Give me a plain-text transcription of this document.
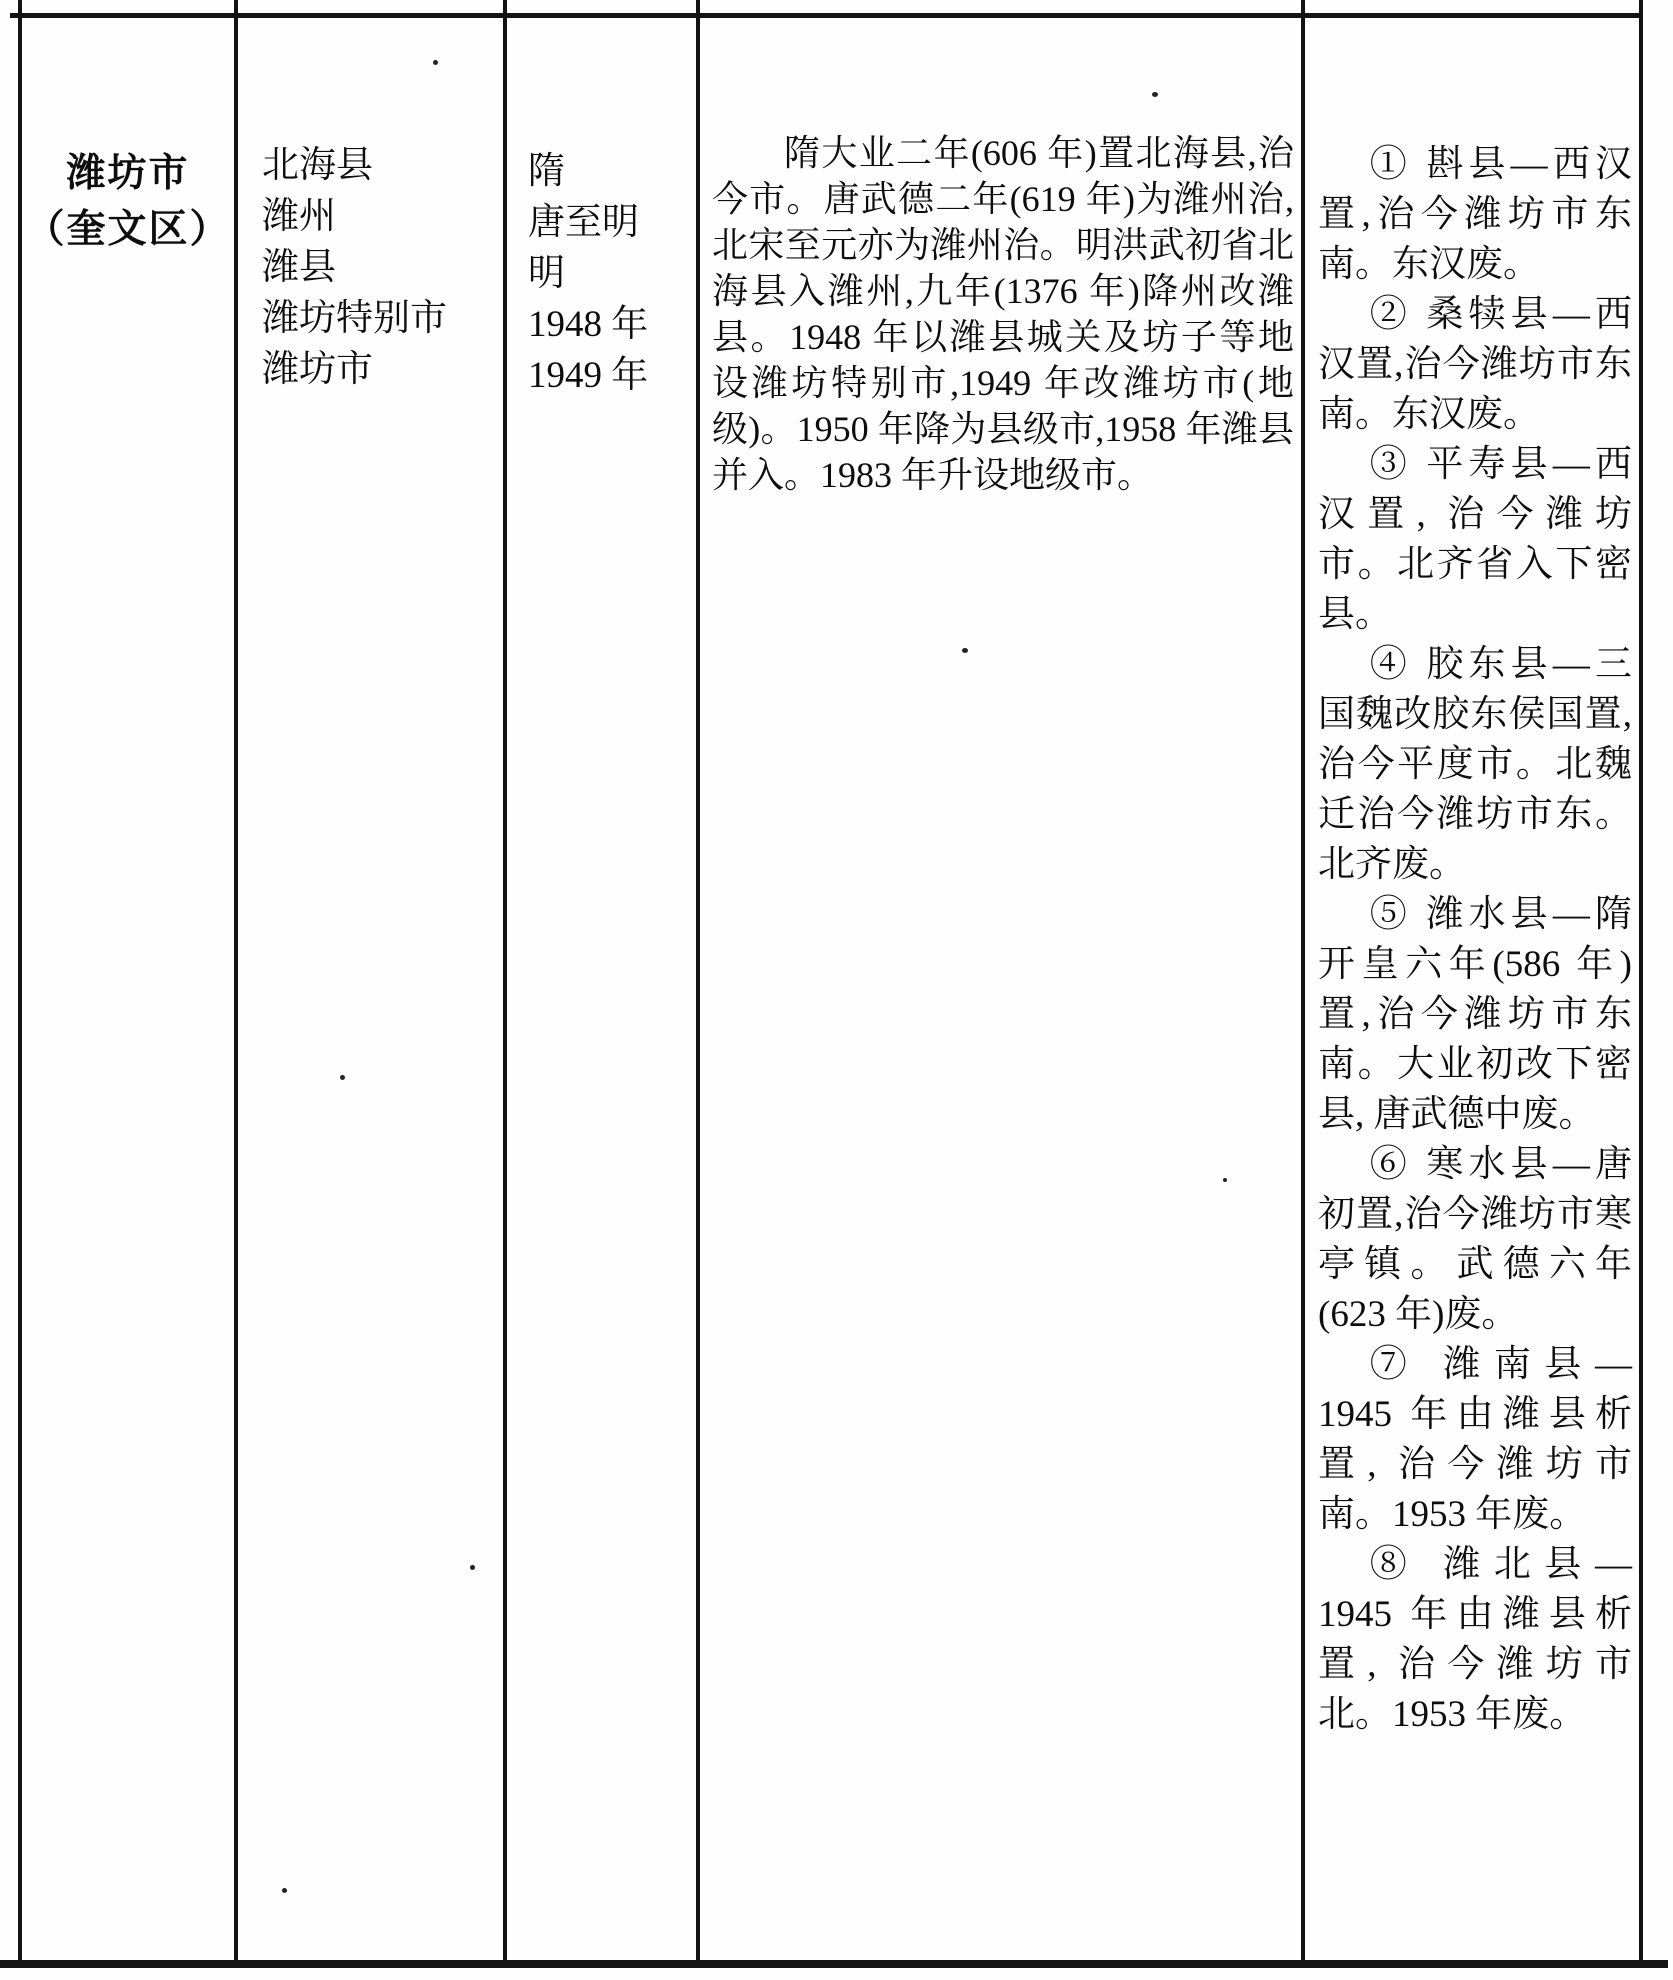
潍坊市
（奎文区）
北海县
潍州
潍县
潍坊特别市
潍坊市
隋
唐至明
明
1948 年
1949 年

隋大业二年(606 年)置北海县,治今市。唐武德二年(619 年)为潍州治,北宋至元亦为潍州治。明洪武初省北海县入潍州,九年(1376 年)降州改潍县。1948 年以潍县城关及坊子等地设潍坊特别市,1949 年改潍坊市(地级)。1950 年降为县级市,1958 年潍县并入。1983 年升设地级市。

① 斟县—西汉置,治今潍坊市东南。东汉废。

② 桑犊县—西汉置,治今潍坊市东南。东汉废。

③ 平寿县—西汉置, 治今潍坊市。北齐省入下密县。

④ 胶东县—三国魏改胶东侯国置,治今平度市。北魏迁治今潍坊市东。北齐废。

⑤ 潍水县—隋开皇六年(586 年)置,治今潍坊市东南。大业初改下密县, 唐武德中废。

⑥ 寒水县—唐初置,治今潍坊市寒亭镇。武德六年(623 年)废。

⑦ 潍南县— 1945 年由潍县析置, 治今潍坊市南。1953 年废。

⑧ 潍北县— 1945 年由潍县析置, 治今潍坊市北。1953 年废。
